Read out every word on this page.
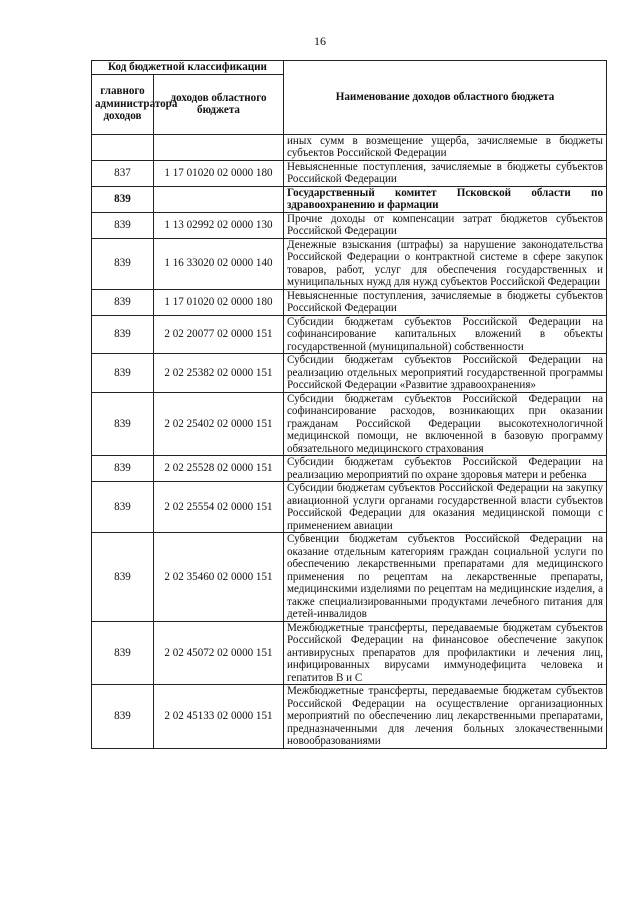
16
Код бюджетной классификации		Наименование доходов областного бюджета
главного администратора доходов	доходов областного бюджета	
		иных сумм в возмещение ущерба, зачисляемые в бюджеты субъектов Российской Федерации
837	1 17 01020 02 0000 180	Невыясненные поступления, зачисляемые в бюджеты субъектов Российской Федерации
839		Государственный комитет Псковской области по здравоохранению и фармации
839	1 13 02992 02 0000 130	Прочие доходы от компенсации затрат бюджетов субъектов Российской Федерации
839	1 16 33020 02 0000 140	Денежные взыскания (штрафы) за нарушение законодательства Российской Федерации о контрактной системе в сфере закупок товаров, работ, услуг для обеспечения государственных и муниципальных нужд для нужд субъектов Российской Федерации
839	1 17 01020 02 0000 180	Невыясненные поступления, зачисляемые в бюджеты субъектов Российской Федерации
839	2 02 20077 02 0000 151	Субсидии бюджетам субъектов Российской Федерации на софинансирование капитальных вложений в объекты государственной (муниципальной) собственности
839	2 02 25382 02 0000 151	Субсидии бюджетам субъектов Российской Федерации на реализацию отдельных мероприятий государственной программы Российской Федерации «Развитие здравоохранения»
839	2 02 25402 02 0000 151	Субсидии бюджетам субъектов Российской Федерации на софинансирование расходов, возникающих при оказании гражданам Российской Федерации высокотехнологичной медицинской помощи, не включенной в базовую программу обязательного медицинского страхования
839	2 02 25528 02 0000 151	Субсидии бюджетам субъектов Российской Федерации на реализацию мероприятий по охране здоровья матери и ребенка
839	2 02 25554 02 0000 151	Субсидии бюджетам субъектов Российской Федерации на закупку авиационной услуги органами государственной власти субъектов Российской Федерации для оказания медицинской помощи с применением авиации
839	2 02 35460 02 0000 151	Субвенции бюджетам субъектов Российской Федерации на оказание отдельным категориям граждан социальной услуги по обеспечению лекарственными препаратами для медицинского применения по рецептам на лекарственные препараты, медицинскими изделиями по рецептам на медицинские изделия, а также специализированными продуктами лечебного питания для детей-инвалидов
839	2 02 45072 02 0000 151	Межбюджетные трансферты, передаваемые бюджетам субъектов Российской Федерации на финансовое обеспечение закупок антивирусных препаратов для профилактики и лечения лиц, инфицированных вирусами иммунодефицита человека и гепатитов B и C
839	2 02 45133 02 0000 151	Межбюджетные трансферты, передаваемые бюджетам субъектов Российской Федерации на осуществление организационных мероприятий по обеспечению лиц лекарственными препаратами, предназначенными для лечения больных злокачественными новообразованиями
